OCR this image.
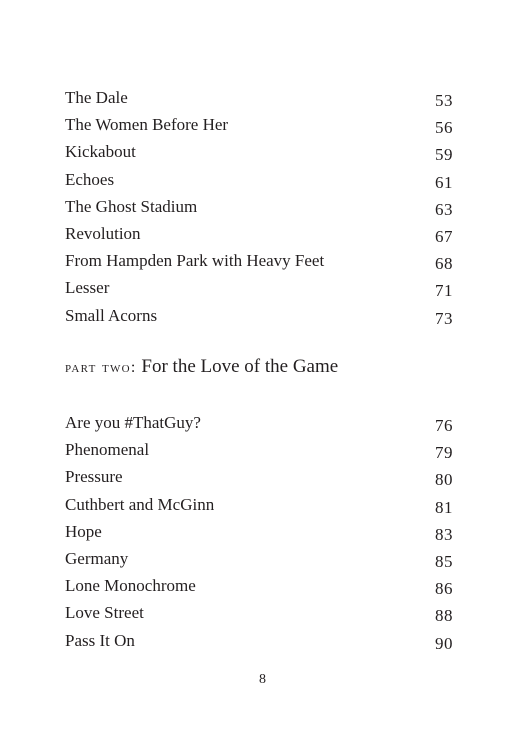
The Dale	53
The Women Before Her	56
Kickabout	59
Echoes	61
The Ghost Stadium	63
Revolution	67
From Hampden Park with Heavy Feet	68
Lesser	71
Small Acorns	73
part two: For the Love of the Game
Are you #ThatGuy?	76
Phenomenal	79
Pressure	80
Cuthbert and McGinn	81
Hope	83
Germany	85
Lone Monochrome	86
Love Street	88
Pass It On	90
8
